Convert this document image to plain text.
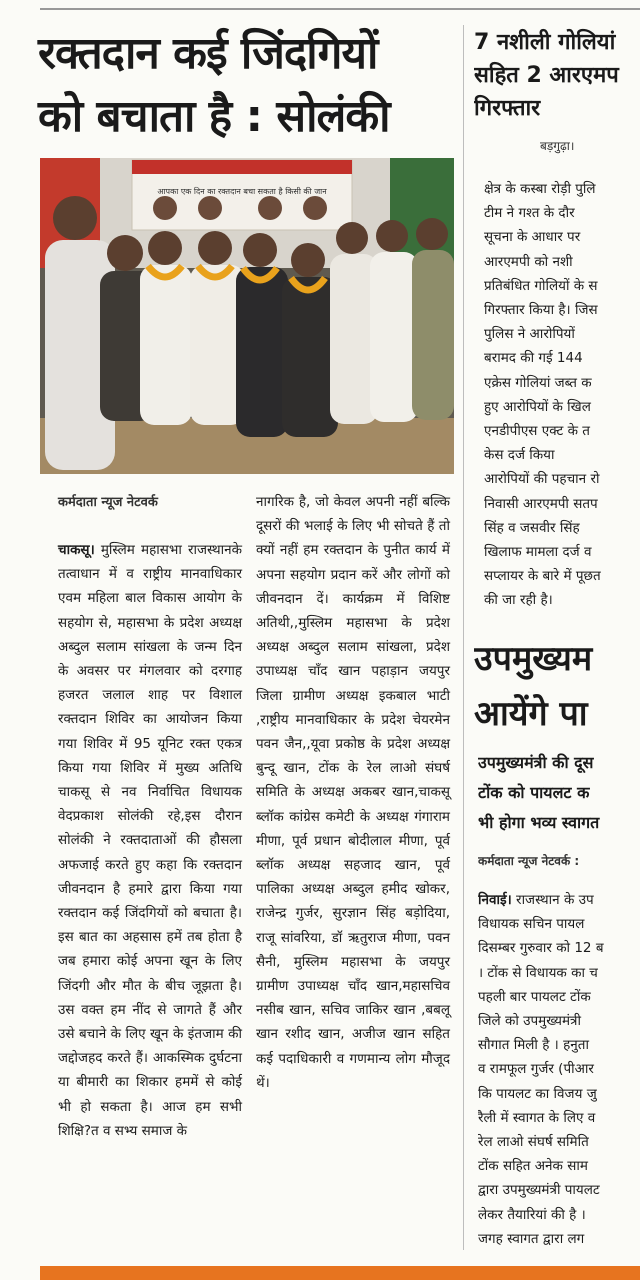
रक्तदान कई जिंदगियों
को बचाता है : सोलंकी
आपका एक दिन का रक्तदान बचा सकता है किसी की जान
कर्मदाता न्यूज नेटवर्क
चाकसू। मुस्लिम महासभा राजस्थानके तत्वाधान में व राष्ट्रीय मानवाधिकार एवम महिला बाल विकास आयोग के सहयोग से, महासभा के प्रदेश अध्यक्ष अब्दुल सलाम सांखला के जन्म दिन के अवसर पर मंगलवार को दरगाह हजरत जलाल शाह पर विशाल रक्तदान शिविर का आयोजन किया गया शिविर में 95 यूनिट रक्त एकत्र किया गया शिविर में मुख्य अतिथि चाकसू से नव निर्वाचित विधायक वेदप्रकाश सोलंकी रहे,इस दौरान सोलंकी ने रक्तदाताओं की हौसला अफजाई करते हुए कहा कि रक्तदान जीवनदान है हमारे द्वारा किया गया रक्तदान कई जिंदगियों को बचाता है। इस बात का अहसास हमें तब होता है जब हमारा कोई अपना खून के लिए जिंदगी और मौत के बीच जूझता है। उस वक्त हम नींद से जागते हैं और उसे बचाने के लिए खून के इंतजाम की जद्दोजहद करते हैं। आकस्मिक दुर्घटना या बीमारी का शिकार हममें से कोई भी हो सकता है। आज हम सभी शिक्षि?त व सभ्य समाज के
नागरिक है, जो केवल अपनी नहीं बल्कि दूसरों की भलाई के लिए भी सोचते हैं तो क्यों नहीं हम रक्तदान के पुनीत कार्य में अपना सहयोग प्रदान करें और लोगों को जीवनदान दें। कार्यक्रम में विशिष्ट अतिथी,,मुस्लिम महासभा के प्रदेश अध्यक्ष अब्दुल सलाम सांखला, प्रदेश उपाध्यक्ष चाँद खान पहाड़ान जयपुर जिला ग्रामीण अध्यक्ष इकबाल भाटी ,राष्ट्रीय मानवाधिकार के प्रदेश चेयरमेन पवन जैन,,यूवा प्रकोष्ठ के प्रदेश अध्यक्ष बुन्दू खान, टोंक के रेल लाओ संघर्ष समिति के अध्यक्ष अकबर खान,चाकसू ब्लॉक कांग्रेस कमेटी के अध्यक्ष गंगाराम मीणा, पूर्व प्रधान बोदीलाल मीणा, पूर्व ब्लॉक अध्यक्ष सहजाद खान, पूर्व पालिका अध्यक्ष अब्दुल हमीद खोकर, राजेन्द्र गुर्जर, सुरज्ञान सिंह बड़ोदिया, राजू सांवरिया, डॉ ऋतुराज मीणा, पवन सैनी, मुस्लिम महासभा के जयपुर ग्रामीण उपाध्यक्ष चाँद खान,महासचिव नसीब खान, सचिव जाकिर खान ,बबलू खान रशीद खान, अजीज खान सहित कई पदाधिकारी व गणमान्य लोग मौजूद थें।
7 नशीली गोलियां
सहित 2 आरएमप
गिरफ्तार
बड़गुढ़ा।
क्षेत्र के कस्बा रोड़ी पुलि
टीम ने गश्त के दौर
सूचना के आधार पर
आरएमपी को नशी
प्रतिबंधित गोलियों के स
गिरफ्तार किया है। जिस
पुलिस ने आरोपियों
बरामद की गई 144
एक्रेस गोलियां जब्त क
हुए आरोपियों के खिल
एनडीपीएस एक्ट के त
केस दर्ज किया
आरोपियों की पहचान रो
निवासी आरएमपी सतप
सिंह व जसवीर सिंह
खिलाफ मामला दर्ज व
सप्लायर के बारे में पूछत
की जा रही है।
उपमुख्यम
आयेंगे पा
उपमुख्यमंत्री की दूस
टोंक को पायलट क
भी होगा भव्य स्वागत
कर्मदाता न्यूज नेटवर्क :
निवाई। राजस्थान के उप
विधायक सचिन पायल
दिसम्बर गुरुवार को 12 ब
। टोंक से विधायक का च
पहली बार पायलट टोंक
जिले को उपमुख्यमंत्री
सौगात मिली है । हनुता
व रामफूल गुर्जर (पीआर
कि पायलट का विजय जु
रैली में स्वागत के लिए व
रेल लाओ संघर्ष समिति
टोंक सहित अनेक साम
द्वारा उपमुख्यमंत्री पायलट
लेकर तैयारियां की है ।
जगह स्वागत द्वारा लग
